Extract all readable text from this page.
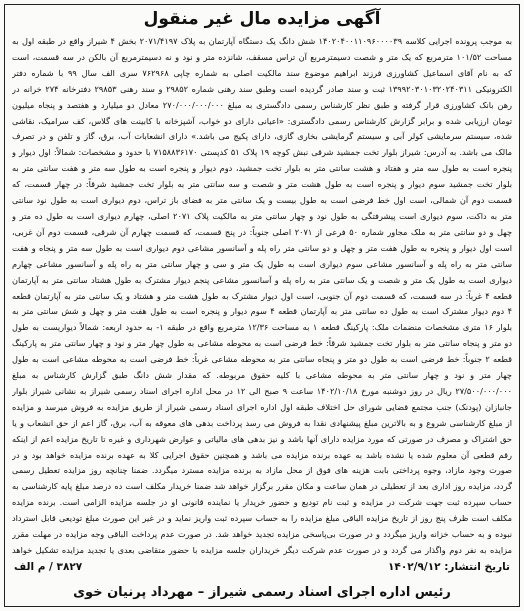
آگهی مزایده مال غیر منقول
به موجب پرونده اجرایی کلاسه ۱۴۰۲۰۴۰۰۱۱۰۹۶۰۰۰۰۳۹ شش دانگ یک دستگاه آپارتمان به پلاک ۲۰۷۱/۴۱۹۷ بخش ۴ شیراز واقع در طبقه اول به مساحت ۱۰۱/۵۲ مترمربع که یک متر و شصت دسیمترمربع آن تراس مسقف، شانزده متر و نود و نه دسیمترمربع آن بالکن در سه قسمت، است که به نام آقای اسماعیل کشاورزی فرزند ابراهیم موضوع سند مالکیت اصلی به شماره چاپی ۷۶۲۹۶۸ سری الف سال ۹۹ با شماره دفتر الکترونیکی ۱۳۹۹۲۰۳۰۱۰۳۲۰۲۴۰۳۱۱ ثبت و سند صادر گردیده است وطبق سند رهنی شماره ۲۹۸۵۲ و سند رهنی ۲۹۸۵۳ دفترخانه ۲۷۴ خرانه در رهن بانک کشاورزی قرار گرفته و طبق نظر کارشناس رسمی دادگستری به مبلغ ۲۷۰/۰۰۰/۰۰۰/۰۰۰ معادل دو میلیارد و هفتصد و پنجاه میلیون تومان ارزیابی شده و برابر گزارش کارشناس رسمی دادگستری: «اعیانی دارای دو خواب، آشپزخانه با کابینت های گلاس، کف سرامیک، نقاشی شده، سیستم سرمایشی کولر آبی و سیستم گرمایشی بخاری گازی، دارای پکیج می باشد.» دارای انشعابات آب، برق، گاز و تلفن و در تصرف مالک می باشد. به آدرس: شیراز بلوار تخت جمشید شرقی نبش کوچه ۱۹ پلاک ۵۱ کدپستی ۷۱۵۸۸۳۶۱۷۰ با حدود و مشخصات: شمالاً: اول دیوار و پنجره است به طول سه متر و هفتاد و هشت سانتی متر به بلوار تخت جمشید، دوم دیوار و پنجره است به طول سه متر و هفت سانتی متر به بلوار تخت جمشید سوم دیوار و پنجره است به طول هشت متر و شصت و سه سانتی متر به بلوار تخت جمشید شرقاً: در چهار قسمت، که قسمت دوم آن شمالی، است اول خط فرضی است به طول بیست و یک سانتی متر به فضای باز تراس، دوم دیواری است به طول نود سانتی متر به داکت، سوم دیواری است پیشرفتگی به طول نود و چهار سانتی متر به مالکیت پلاک ۲۰۷۱ اصلی، چهارم دیواری است به طول ده متر و چهل و دو سانتی متر به ملک مجاور شماره ۵۰ فرعی از ۲۰۷۱ اصلی جنوباً: در پنج قسمت، که قسمت چهارم آن شرقی، قسمت دوم آن غربی، است اول دیوار و پنجره به طول هفت متر و چهل و دو سانتی متر راه پله و آسانسور مشاعی دوم دیواری است به طول سه متر و پنجاه و هفت سانتی متر به راه پله و آسانسور مشاعی سوم دیواری است به طول یک متر و سی و چهار سانتی متر به راه پله و آسانسور مشاعی چهارم دیواری است به طول یک متر و شصت و یک سانتی متر به راه پله و آسانسور مشاعی پنجم دیوار مشترک به طول هشتاد سانتی متر به آپارتمان قطعه ۴ غرباً: در سه قسمت، که قسمت دوم آن جنوبی، است اول دیوار مشترک به طول هشت متر و هشتاد و یک سانتی متر به آپارتمان قطعه ۴ دوم دیوار مشترک است به طول ده سانتی متر به آپارتمان قطعه ۴ سوم دیوار و پنجره است به طول هفت متر و چهل و شش سانتی متر به بلوار ۱۶ متری مشخصات منضمات ملک: پارکینگ قطعه ۱ به مساحت ۱۲/۳۶ مترمربع واقع در طبقه ۱- به حدود اربعه: شمالاً دیواریست به طول دو متر و پنجاه سانتی متر به بلوار تخت جمشید شرقاً: خط فرضی است به محوطه مشاعی به طول چهار متر و نود و چهار سانتی متر به پارکینگ قطعه ۲ جنوباً: خط فرضی است به طول دو متر و پنجاه سانتی متر به محوطه مشاعی غرباً: خط فرضی است به محوطه مشاعی است به طول چهار متر و نود و چهار سانتی متر به محوطه مشاعی با کلیه حقوق مربوطه. که مقدار شش دانگ طبق گزارش کارشناس به مبلغ ۲۷/۵۰۰/۰۰۰/۰۰۰ ریال در روز دوشنبه مورخ ۱۴۰۲/۱۰/۱۸ ساعت ۹ صبح الی ۱۲ در محل اداره اجرای اسناد رسمی شیراز به نشانی شیراز بلوار جانبازان (پودنک) جنب مجتمع قضایی شورای حل اختلاف طبقه اول اداره اجرای اسناد رسمی شیراز از طریق مزایده به فروش میرسد و مزایده از مبلغ کارشناسی شروع و به بالاترین مبلغ پیشنهادی نقدا به فروش می رسد پرداخت بدهی های معوقه به آب، برق، گاز اعم از حق انشعاب و یا حق اشتراک و مصرف در صورتی که مورد مزایده دارای آنها باشد و نیز بدهی های مالیاتی و عوارض شهرداری و غیره تا تاریخ مزایده اعم از اینکه رقم قطعی آن معلوم شده یا نشده باشد به عهده برنده مزایده می باشد و همچنین حقوق اجرایی کلا به عهده برنده مزایده خواهد بود و در صورت وجود مازاد، وجوه پرداختی بابت هزینه های فوق از محل مازاد به برنده مزایده مسترد میگردد. ضمنا چنانچه روز مزایده تعطیل رسمی گردد، مزایده روز اداری بعد از تعطیلی در همان ساعت و مکان مقرر برگزار خواهد شد ضمنا خریدار مکلف است ده درصد مبلغ پایه کارشناسی به حساب سپرده ثبت جهت شرکت در مزایده و ثبت نام تودیع و حضور خریدار یا نماینده قانونی او در جلسه مزایده الزامی است. برنده مزایده مکلف است ظرف پنج روز از تاریخ مزایده الباقی مبلغ مزایده را به حساب سپرده ثبت واریز نماید و در غیر این صورت مبلغ تودیعی قابل استرداد نبوده و به حساب خزانه واریز میگردد و در صورت بی‌پاسخی مزایده تجدید خواهد شد. در صورت عدم پرداخت الباقی وجه مزایده در مهلت مقرر مزایده به نفر دوم واگذار می گردد و در صورت عدم شرکت دیگر خریداران جلسه مزایده با حضور متقاضی بعدی یا تجدید مزایده تشکیل خواهد
تاریخ انتشار: ۱۴۰۲/۹/۱۲
۳۸۲۷ / م الف
رئیس اداره اجرای اسناد رسمی شیراز – مهرداد پرنیان خوی
